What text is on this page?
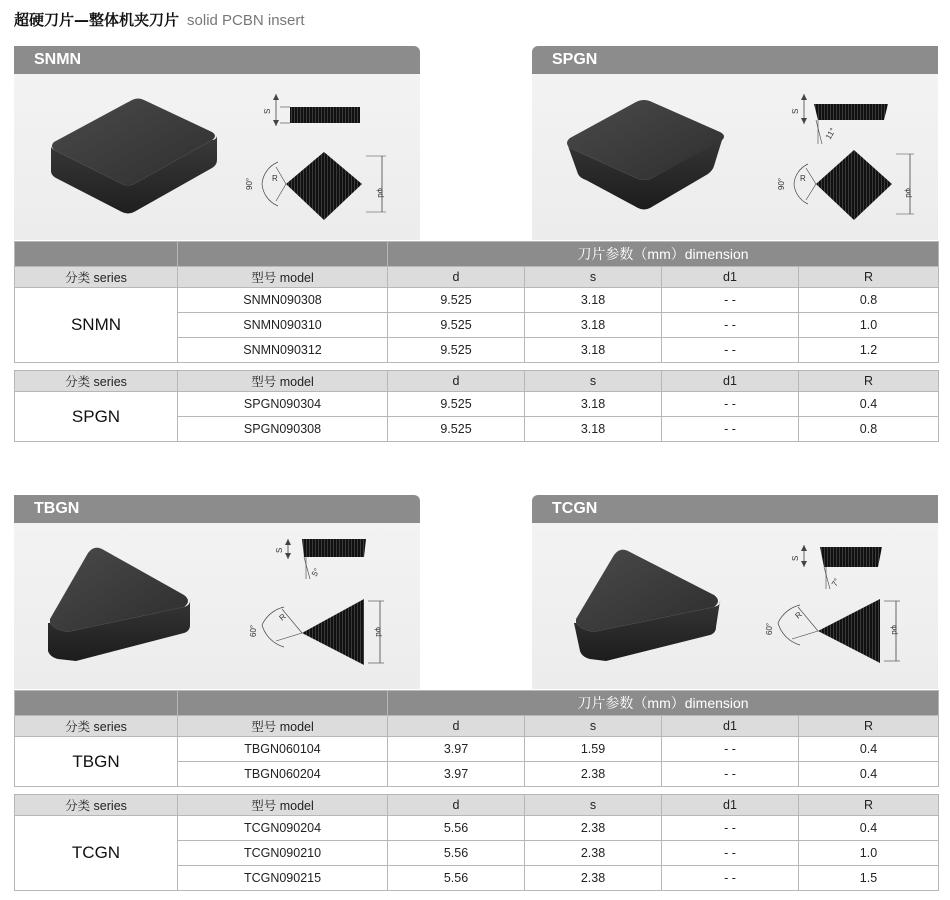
超硬刀片—整体机夹刀片 solid PCBN insert
SNMN
S
90° R
φd
SPGN
S
11°
90° R
φd
		刀片参数（mm）dimension			
分类 series	型号 model	d	s	d1	R
SNMN	SNMN090308	9.525	3.18	- -	0.8
	SNMN090310	9.525	3.18	- -	1.0
	SNMN090312	9.525	3.18	- -	1.2
分类 series	型号 model	d	s	d1	R
SPGN	SPGN090304	9.525	3.18	- -	0.4
	SPGN090308	9.525	3.18	- -	0.8
TBGN
S
5°
60°
R
φd
TCGN
S
7°
60°
R
φd
		刀片参数（mm）dimension			
分类 series	型号 model	d	s	d1	R
TBGN	TBGN060104	3.97	1.59	- -	0.4
	TBGN060204	3.97	2.38	- -	0.4
分类 series	型号 model	d	s	d1	R
TCGN	TCGN090204	5.56	2.38	- -	0.4
	TCGN090210	5.56	2.38	- -	1.0
	TCGN090215	5.56	2.38	- -	1.5
